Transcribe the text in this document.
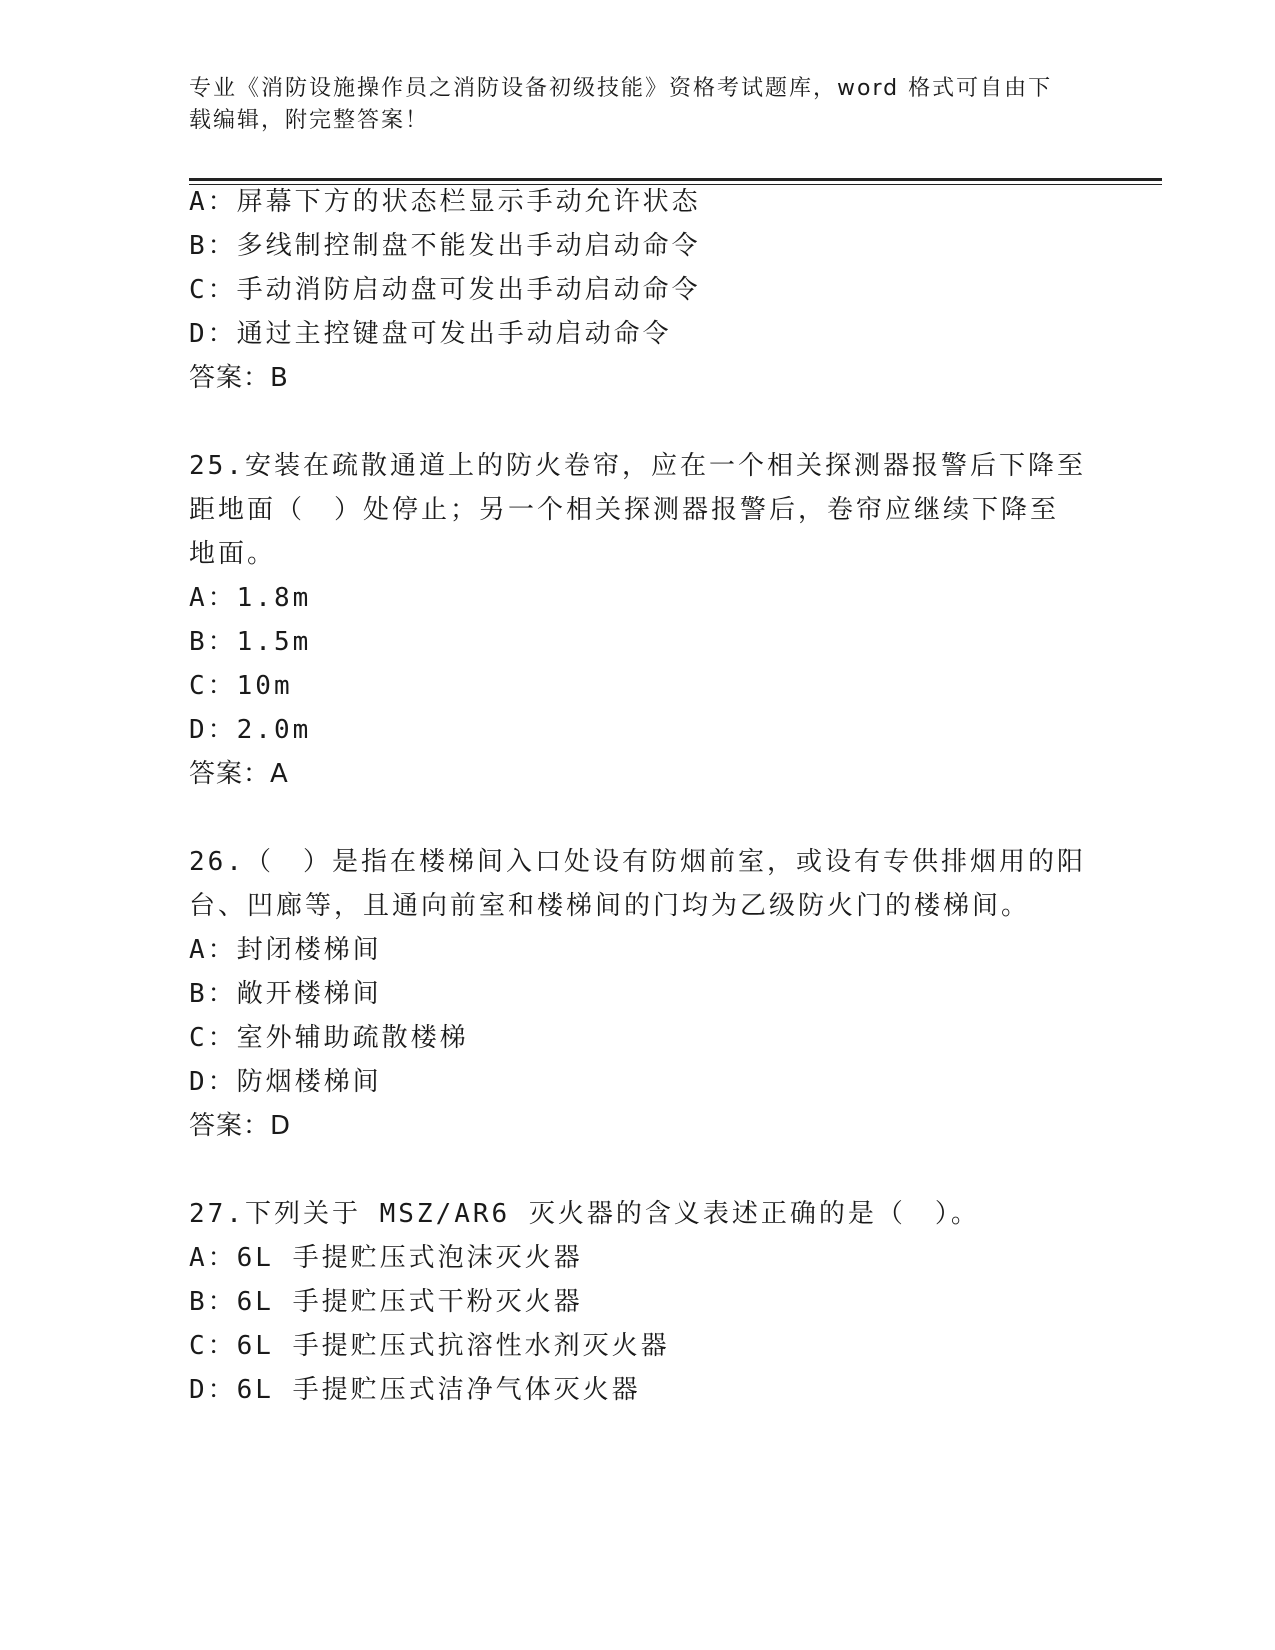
专业《消防设施操作员之消防设备初级技能》资格考试题库，word 格式可自由下
载编辑，附完整答案！
A：屏幕下方的状态栏显示手动允许状态
B：多线制控制盘不能发出手动启动命令
C：手动消防启动盘可发出手动启动命令
D：通过主控键盘可发出手动启动命令
答案：B
25.安装在疏散通道上的防火卷帘，应在一个相关探测器报警后下降至
距地面（　）处停止；另一个相关探测器报警后，卷帘应继续下降至
地面。
A：1.8m
B：1.5m
C：10m
D：2.0m
答案：A
26.（　）是指在楼梯间入口处设有防烟前室，或设有专供排烟用的阳
台、凹廊等，且通向前室和楼梯间的门均为乙级防火门的楼梯间。
A：封闭楼梯间
B：敞开楼梯间
C：室外辅助疏散楼梯
D：防烟楼梯间
答案：D
27.下列关于 MSZ/AR6 灭火器的含义表述正确的是（　）。
A：6L 手提贮压式泡沫灭火器
B：6L 手提贮压式干粉灭火器
C：6L 手提贮压式抗溶性水剂灭火器
D：6L 手提贮压式洁净气体灭火器
